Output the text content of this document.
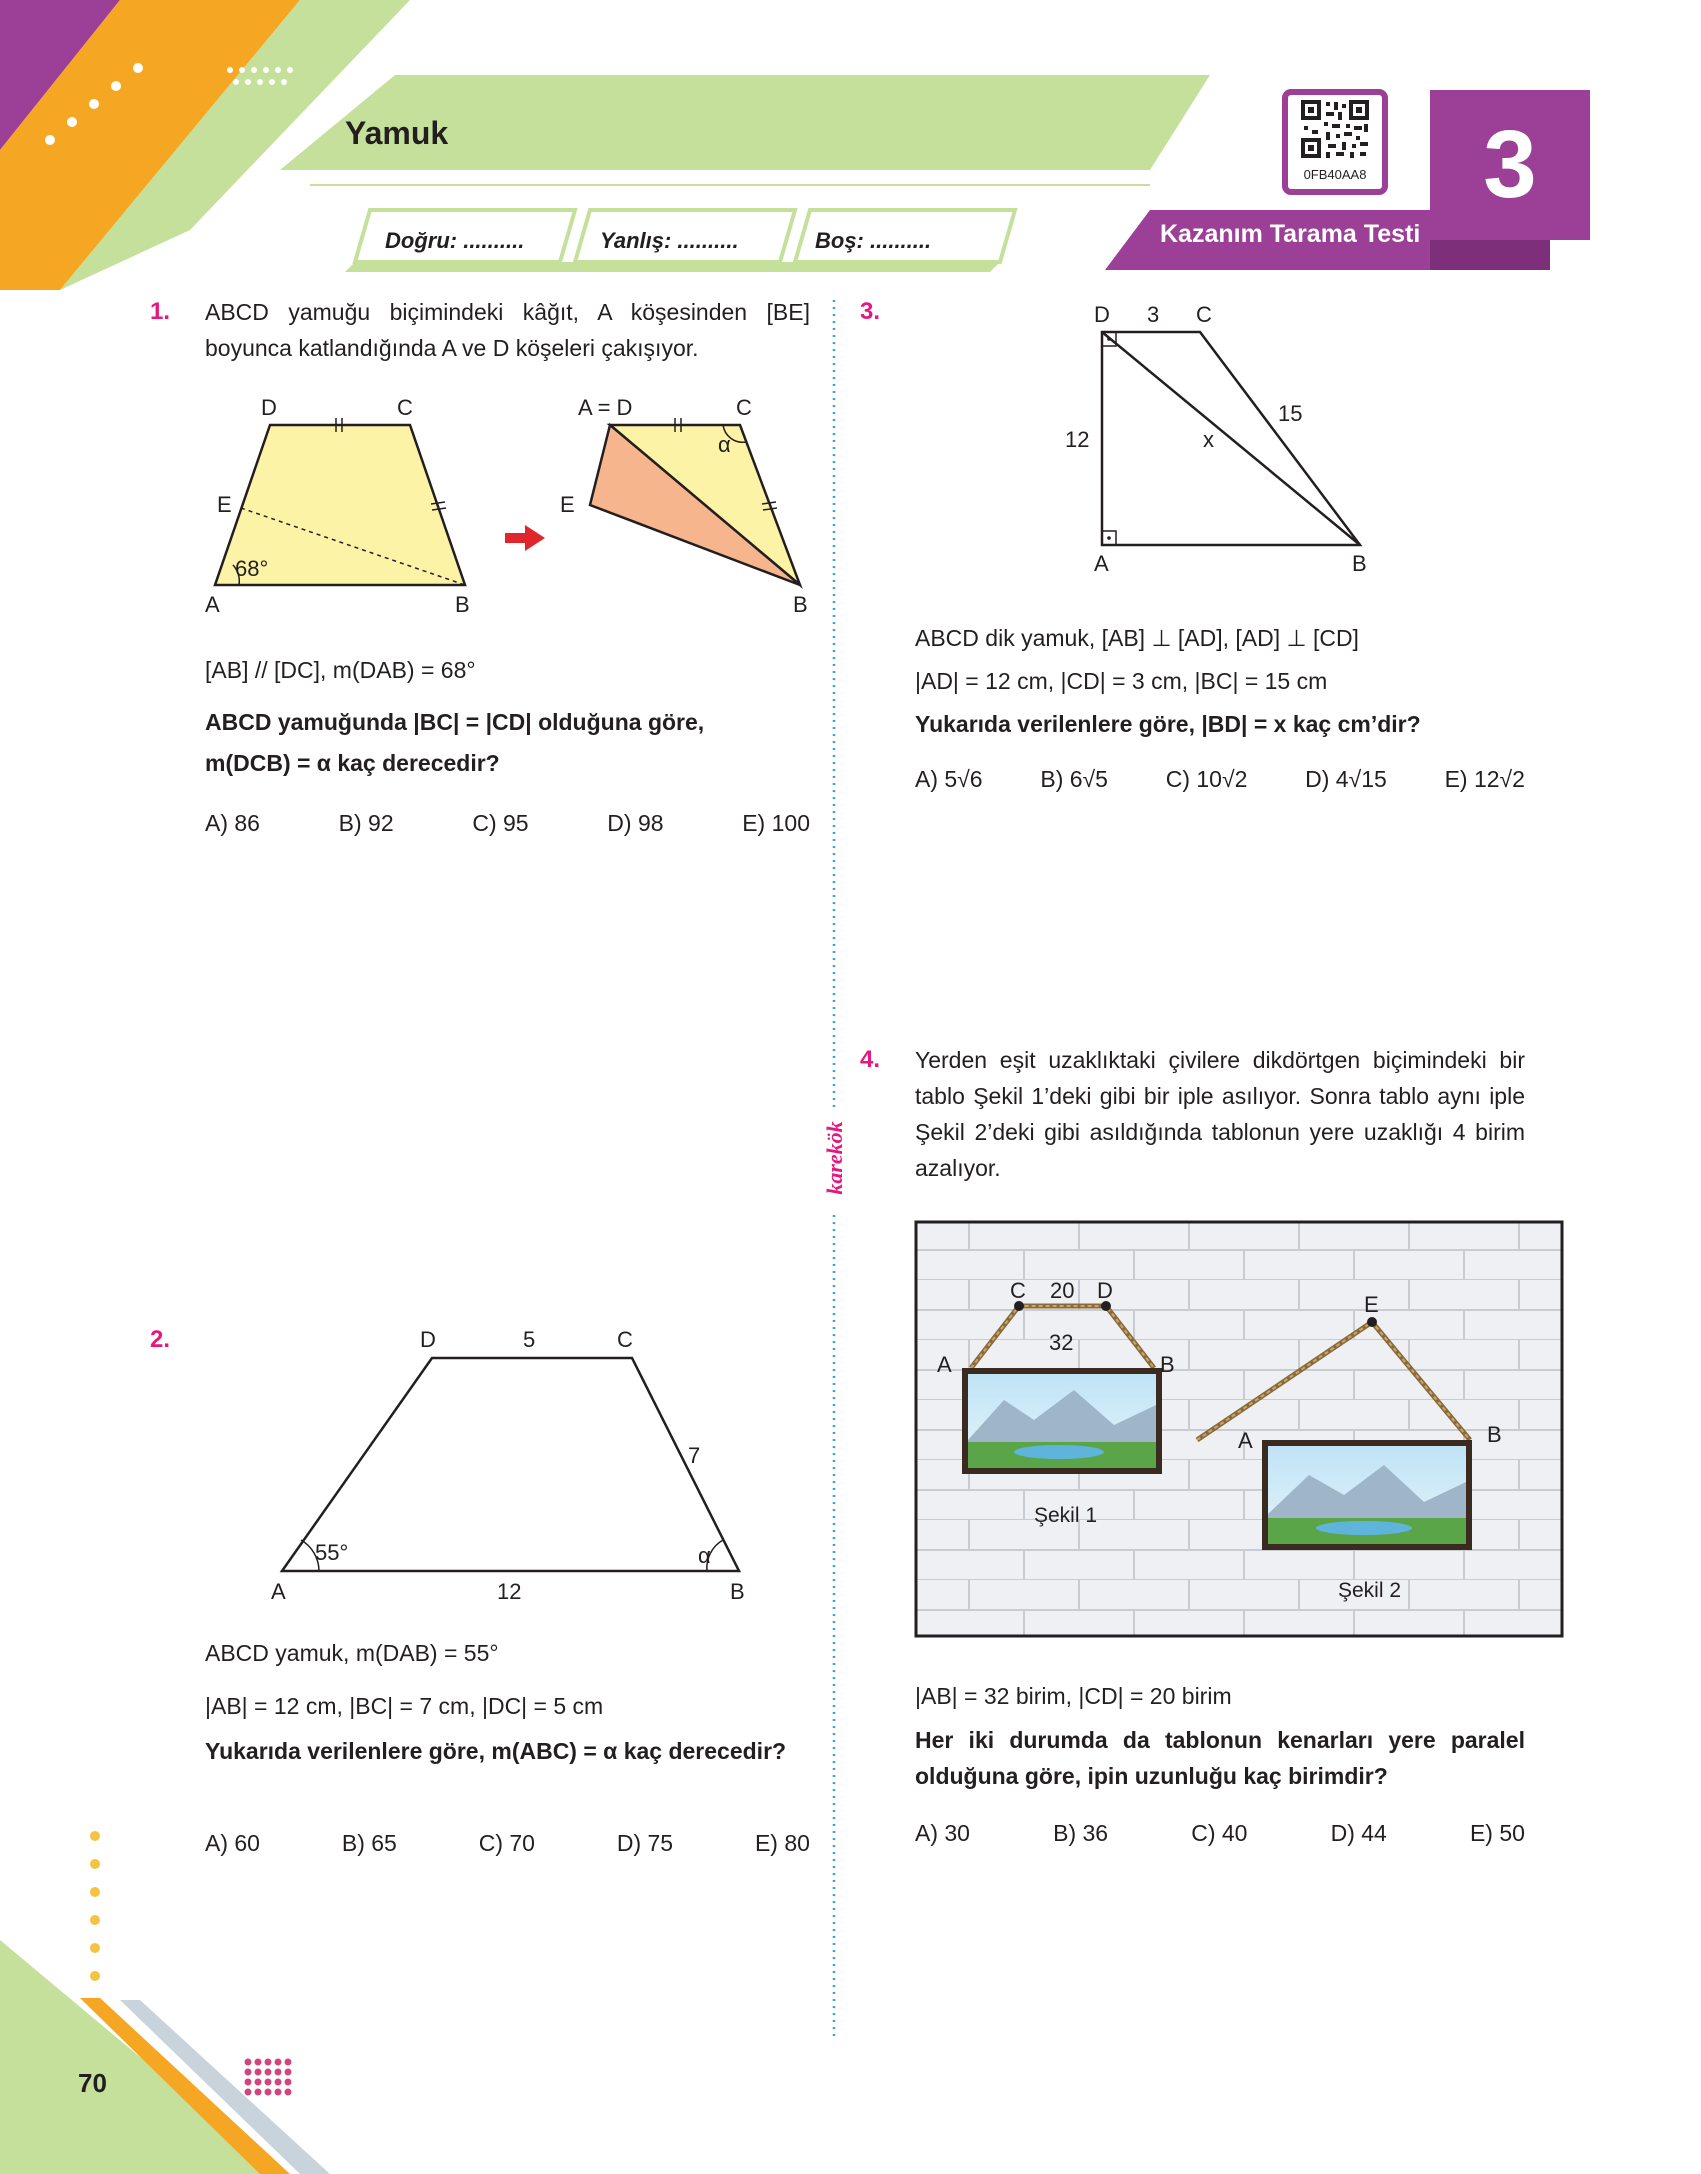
Yamuk
Doğru: ..........	Yanlış: ..........	Boş: ..........
3
Kazanım Tarama Testi
0FB40AA8
karekök
70
1. ABCD yamuğu biçimindeki kâğıt, A köşesinden [BE] boyunca katlandığında A ve D köşeleri çakışıyor.
D	C
E
A	B
68°
A = D	C
E
B
α
[AB] // [DC], m(DAB) = 68°
ABCD yamuğunda |BC| = |CD| olduğuna göre,
m(DCB) = α kaç derecedir?
A) 86	B) 92	C) 95	D) 98	E) 100
2.	D	5	C
7
55°	α
A	12	B
ABCD yamuk, m(DAB) = 55°
|AB| = 12 cm, |BC| = 7 cm, |DC| = 5 cm
Yukarıda verilenlere göre, m(ABC) = α kaç derecedir?
A) 60	B) 65	C) 70	D) 75	E) 80
3.	D 3 C
12
15
x
A	B
ABCD dik yamuk, [AB] ⊥ [AD], [AD] ⊥ [CD]
|AD| = 12 cm, |CD| = 3 cm, |BC| = 15 cm
Yukarıda verilenlere göre, |BD| = x kaç cm’dir?
A) 5√6	B) 6√5	C) 10√2	D) 4√15	E) 12√2
4. Yerden eşit uzaklıktaki çivilere dikdörtgen biçimindeki bir tablo Şekil 1’deki gibi bir iple asılıyor. Sonra tablo aynı iple Şekil 2’deki gibi asıldığında tablonun yere uzaklığı 4 birim azalıyor.
C 20 D
32
A	B
Şekil 1
E
A	B
Şekil 2
|AB| = 32 birim, |CD| = 20 birim
Her iki durumda da tablonun kenarları yere paralel olduğuna göre, ipin uzunluğu kaç birimdir?
A) 30	B) 36	C) 40	D) 44	E) 50
